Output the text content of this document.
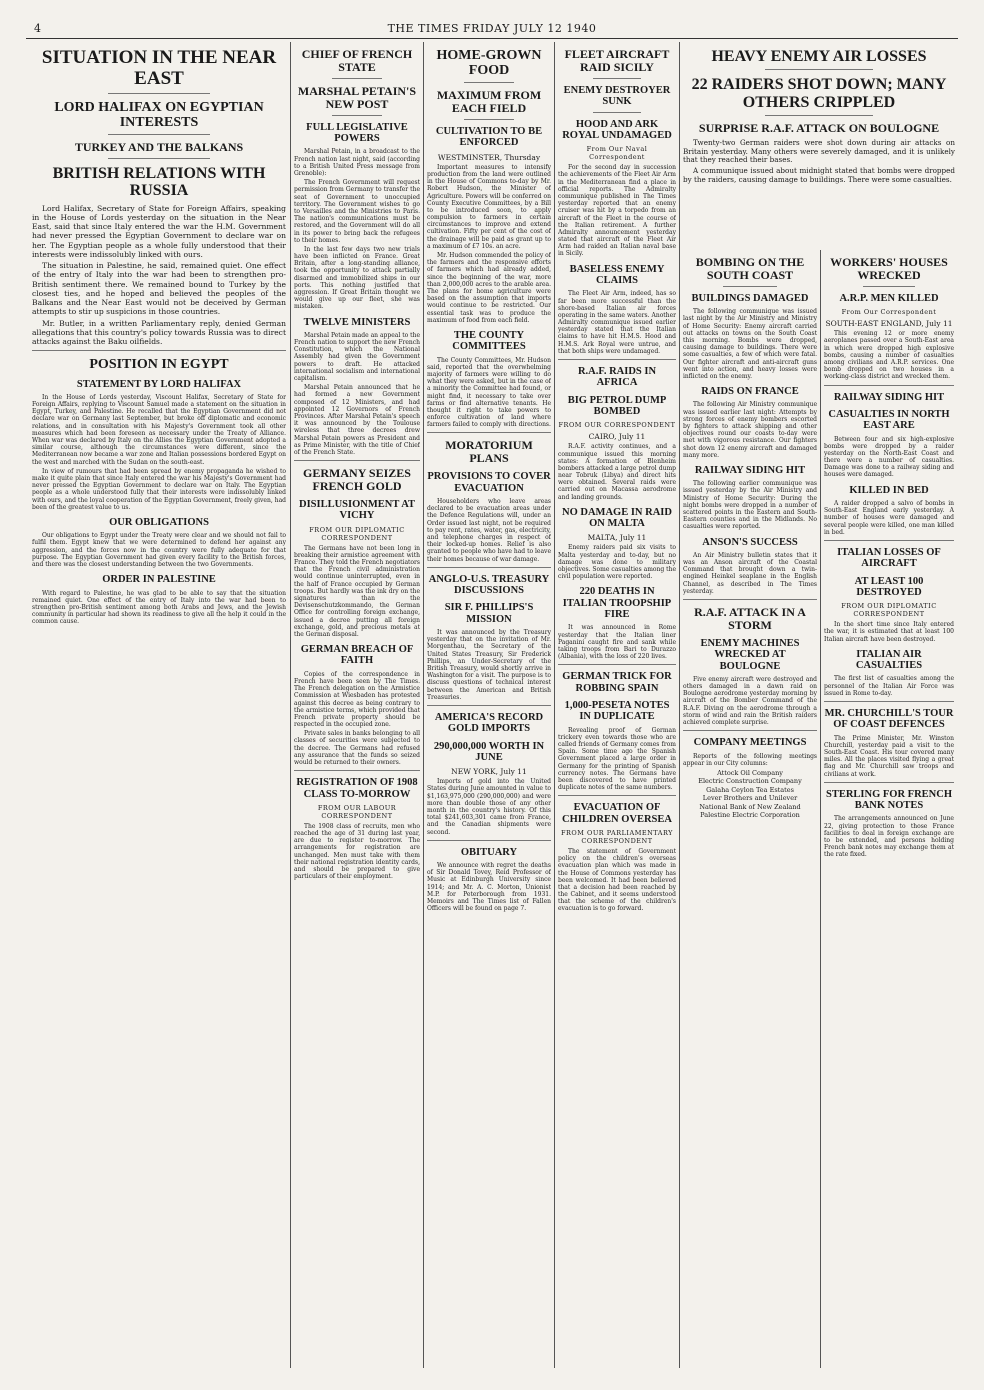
4	THE TIMES FRIDAY JULY 12 1940
SITUATION IN THE NEAR EAST
LORD HALIFAX ON EGYPTIAN INTERESTS
TURKEY AND THE BALKANS
BRITISH RELATIONS WITH RUSSIA

Lord Halifax, Secretary of State for Foreign Affairs, speaking in the House of Lords yesterday on the situation in the Near East, said that since Italy entered the war the H.M. Government had never pressed the Egyptian Government to declare war on her. The Egyptian people as a whole fully understood that their interests were indissolubly linked with ours.

The situation in Palestine, he said, remained quiet. One effect of the entry of Italy into the war had been to strengthen pro-British sentiment there. We remained bound to Turkey by the closest ties, and he hoped and believed the peoples of the Balkans and the Near East would not be deceived by German attempts to stir up suspicions in those countries.

Mr. Butler, in a written Parliamentary reply, denied German allegations that this country's policy towards Russia was to direct attacks against the Baku oilfields.

POSITION IN EGYPT
STATEMENT BY LORD HALIFAX

In the House of Lords yesterday, Viscount Halifax, Secretary of State for Foreign Affairs, replying to Viscount Samuel made a statement on the situation in Egypt, Turkey, and Palestine. He recalled that the Egyptian Government did not declare war on Germany last September, but broke off diplomatic and economic relations, and in consultation with his Majesty's Government took all other measures which had been foreseen as necessary under the Treaty of Alliance. When war was declared by Italy on the Allies the Egyptian Government adopted a similar course, although the circumstances were different, since the Mediterranean now became a war zone and Italian possessions bordered Egypt on the west and marched with the Sudan on the south-east.

In view of rumours that had been spread by enemy propaganda he wished to make it quite plain that since Italy entered the war his Majesty's Government had never pressed the Egyptian Government to declare war on Italy. The Egyptian people as a whole understood fully that their interests were indissolubly linked with ours, and the loyal cooperation of the Egyptian Government, freely given, had been of the greatest value to us.

OUR OBLIGATIONS

Our obligations to Egypt under the Treaty were clear and we should not fail to fulfil them. Egypt knew that we were determined to defend her against any aggression, and the forces now in the country were fully adequate for that purpose. The Egyptian Government had given every facility to the British forces, and there was the closest understanding between the two Governments.

ORDER IN PALESTINE

With regard to Palestine, he was glad to be able to say that the situation remained quiet. One effect of the entry of Italy into the war had been to strengthen pro-British sentiment among both Arabs and Jews, and the Jewish community in particular had shown its readiness to give all the help it could in the common cause.

CHIEF OF FRENCH STATE
MARSHAL PETAIN'S NEW POST
FULL LEGISLATIVE POWERS

Marshal Petain, in a broadcast to the French nation last night, said (according to a British United Press message from Grenoble):

The French Government will request permission from Germany to transfer the seat of Government to unoccupied territory. The Government wishes to go to Versailles and the Ministries to Paris. The nation's communications must be restored, and the Government will do all in its power to bring back the refugees to their homes.

In the last few days two new trials have been inflicted on France. Great Britain, after a long-standing alliance, took the opportunity to attack partially disarmed and immobilized ships in our ports. This nothing justified that aggression. If Great Britain thought we would give up our fleet, she was mistaken.

TWELVE MINISTERS

Marshal Petain made an appeal to the French nation to support the new French Constitution, which the National Assembly had given the Government powers to draft. He attacked international socialism and international capitalism.

Marshal Petain announced that he had formed a new Government composed of 12 Ministers, and had appointed 12 Governors of French Provinces. After Marshal Petain's speech it was announced by the Toulouse wireless that three decrees drew Marshal Petain powers as President and as Prime Minister, with the title of Chief of the French State.

GERMANY SEIZES FRENCH GOLD
DISILLUSIONMENT AT VICHY
FROM OUR DIPLOMATIC CORRESPONDENT

The Germans have not been long in breaking their armistice agreement with France. They told the French negotiators that the French civil administration would continue uninterrupted, even in the half of France occupied by German troops. But hardly was the ink dry on the signatures than the Devisenschutzkommando, the German Office for controlling foreign exchange, issued a decree putting all foreign exchange, gold, and precious metals at the German disposal.

GERMAN BREACH OF FAITH

Copies of the correspondence in French have been seen by The Times. The French delegation on the Armistice Commission at Wiesbaden has protested against this decree as being contrary to the armistice terms, which provided that French private property should be respected in the occupied zone.

Private sales in banks belonging to all classes of securities were subjected to the decree. The Germans had refused any assurance that the funds so seized would be returned to their owners.

REGISTRATION OF 1908 CLASS TO-MORROW
FROM OUR LABOUR CORRESPONDENT

The 1908 class of recruits, men who reached the age of 31 during last year, are due to register to-morrow. The arrangements for registration are unchanged. Men must take with them their national registration identity cards, and should be prepared to give particulars of their employment.

HOME-GROWN FOOD
MAXIMUM FROM EACH FIELD
CULTIVATION TO BE ENFORCED
WESTMINSTER, Thursday

Important measures to intensify production from the land were outlined in the House of Commons to-day by Mr. Robert Hudson, the Minister of Agriculture. Powers will be conferred on County Executive Committees, by a Bill to be introduced soon, to apply compulsion to farmers in certain circumstances to improve and extend cultivation. Fifty per cent of the cost of the drainage will be paid as grant up to a maximum of £7 10s. an acre.

Mr. Hudson commended the policy of the farmers and the responsive efforts of farmers which had already added, since the beginning of the war, more than 2,000,000 acres to the arable area. The plans for home agriculture were based on the assumption that imports would continue to be restricted. Our essential task was to produce the maximum of food from each field.

THE COUNTY COMMITTEES

The County Committees, Mr. Hudson said, reported that the overwhelming majority of farmers were willing to do what they were asked, but in the case of a minority the Committee had found, or might find, it necessary to take over farms or find alternative tenants. He thought it right to take powers to enforce cultivation of land where farmers failed to comply with directions.

MORATORIUM PLANS
PROVISIONS TO COVER EVACUATION

Householders who leave areas declared to be evacuation areas under the Defence Regulations will, under an Order issued last night, not be required to pay rent, rates, water, gas, electricity, and telephone charges in respect of their locked-up homes. Relief is also granted to people who have had to leave their homes because of war damage.

ANGLO-U.S. TREASURY DISCUSSIONS
SIR F. PHILLIPS'S MISSION

It was announced by the Treasury yesterday that on the invitation of Mr. Morgenthau, the Secretary of the United States Treasury, Sir Frederick Phillips, an Under-Secretary of the British Treasury, would shortly arrive in Washington for a visit. The purpose is to discuss questions of technical interest between the American and British Treasuries.

AMERICA'S RECORD GOLD IMPORTS
290,000,000 WORTH IN JUNE
NEW YORK, July 11

Imports of gold into the United States during June amounted in value to $1,163,975,000 (290,000,000) and were more than double those of any other month in the country's history. Of this total $241,603,301 came from France, and the Canadian shipments were second.

OBITUARY

We announce with regret the deaths of Sir Donald Tovey, Reid Professor of Music at Edinburgh University since 1914; and Mr. A. C. Morton, Unionist M.P. for Peterborough from 1931. Memoirs and The Times list of Fallen Officers will be found on page 7.

FLEET AIRCRAFT RAID SICILY
ENEMY DESTROYER SUNK
HOOD AND ARK ROYAL UNDAMAGED
From Our Naval Correspondent

For the second day in succession the achievements of the Fleet Air Arm in the Mediterranean find a place in official reports. The Admiralty communique published in The Times yesterday reported that an enemy cruiser was hit by a torpedo from an aircraft of the Fleet in the course of the Italian retirement. A further Admiralty announcement yesterday stated that aircraft of the Fleet Air Arm had raided an Italian naval base in Sicily.

BASELESS ENEMY CLAIMS

The Fleet Air Arm, indeed, has so far been more successful than the shore-based Italian air forces operating in the same waters. Another Admiralty communique issued earlier yesterday stated that the Italian claims to have hit H.M.S. Hood and H.M.S. Ark Royal were untrue, and that both ships were undamaged.

R.A.F. RAIDS IN AFRICA
BIG PETROL DUMP BOMBED
FROM OUR CORRESPONDENT
CAIRO, July 11

R.A.F. activity continues, and a communique issued this morning states: A formation of Blenheim bombers attacked a large petrol dump near Tobruk (Libya) and direct hits were obtained. Several raids were carried out on Macassa aerodrome and landing grounds.

NO DAMAGE IN RAID ON MALTA
MALTA, July 11

Enemy raiders paid six visits to Malta yesterday and to-day, but no damage was done to military objectives. Some casualties among the civil population were reported.

220 DEATHS IN ITALIAN TROOPSHIP FIRE

It was announced in Rome yesterday that the Italian liner Paganini caught fire and sank while taking troops from Bari to Durazzo (Albania), with the loss of 220 lives.

GERMAN TRICK FOR ROBBING SPAIN
1,000-PESETA NOTES IN DUPLICATE

Revealing proof of German trickery even towards those who are called friends of Germany comes from Spain. Some time ago the Spanish Government placed a large order in Germany for the printing of Spanish currency notes. The Germans have been discovered to have printed duplicate notes of the same numbers.

EVACUATION OF CHILDREN OVERSEA
FROM OUR PARLIAMENTARY CORRESPONDENT

The statement of Government policy on the children's overseas evacuation plan which was made in the House of Commons yesterday has been welcomed. It had been believed that a decision had been reached by the Cabinet, and it seems understood that the scheme of the children's evacuation is to go forward.

HEAVY ENEMY AIR LOSSES
22 RAIDERS SHOT DOWN; MANY OTHERS CRIPPLED
SURPRISE R.A.F. ATTACK ON BOULOGNE

Twenty-two German raiders were shot down during air attacks on Britain yesterday. Many others were severely damaged, and it is unlikely that they reached their bases.

A communique issued about midnight stated that bombs were dropped by the raiders, causing damage to buildings. There were some casualties.

BOMBING ON THE SOUTH COAST
BUILDINGS DAMAGED

The following communique was issued last night by the Air Ministry and Ministry of Home Security: Enemy aircraft carried out attacks on towns on the South Coast this morning. Bombs were dropped, causing damage to buildings. There were some casualties, a few of which were fatal. Our fighter aircraft and anti-aircraft guns went into action, and heavy losses were inflicted on the enemy.

RAIDS ON FRANCE

The following Air Ministry communique was issued earlier last night: Attempts by strong forces of enemy bombers escorted by fighters to attack shipping and other objectives round our coasts to-day were met with vigorous resistance. Our fighters shot down 12 enemy aircraft and damaged many more.

RAILWAY SIDING HIT

The following earlier communique was issued yesterday by the Air Ministry and Ministry of Home Security: During the night bombs were dropped in a number of scattered points in the Eastern and South-Eastern counties and in the Midlands. No casualties were reported.

ANSON'S SUCCESS

An Air Ministry bulletin states that it was an Anson aircraft of the Coastal Command that brought down a twin-engined Heinkel seaplane in the English Channel, as described in The Times yesterday.

R.A.F. ATTACK IN A STORM
ENEMY MACHINES WRECKED AT BOULOGNE

Five enemy aircraft were destroyed and others damaged in a dawn raid on Boulogne aerodrome yesterday morning by aircraft of the Bomber Command of the R.A.F. Diving on the aerodrome through a storm of wind and rain the British raiders achieved complete surprise.

COMPANY MEETINGS

Reports of the following meetings appear in our City columns:

Attock Oil Company
Electric Construction Company
Galaha Ceylon Tea Estates
Lever Brothers and Unilever
National Bank of New Zealand
Palestine Electric Corporation
WORKERS' HOUSES WRECKED
A.R.P. MEN KILLED
From Our Correspondent
SOUTH-EAST ENGLAND, July 11

This evening 12 or more enemy aeroplanes passed over a South-East area in which were dropped high explosive bombs, causing a number of casualties among civilians and A.R.P. services. One bomb dropped on two houses in a working-class district and wrecked them.

RAILWAY SIDING HIT
CASUALTIES IN NORTH EAST ARE

Between four and six high-explosive bombs were dropped by a raider yesterday on the North-East Coast and there were a number of casualties. Damage was done to a railway siding and houses were damaged.

KILLED IN BED

A raider dropped a salvo of bombs in South-East England early yesterday. A number of houses were damaged and several people were killed, one man killed in bed.

ITALIAN LOSSES OF AIRCRAFT
AT LEAST 100 DESTROYED
FROM OUR DIPLOMATIC CORRESPONDENT

In the short time since Italy entered the war, it is estimated that at least 100 Italian aircraft have been destroyed.

ITALIAN AIR CASUALTIES

The first list of casualties among the personnel of the Italian Air Force was issued in Rome to-day.

MR. CHURCHILL'S TOUR OF COAST DEFENCES

The Prime Minister, Mr. Winston Churchill, yesterday paid a visit to the South-East Coast. His tour covered many miles. All the places visited flying a great flag and Mr. Churchill saw troops and civilians at work.

STERLING FOR FRENCH BANK NOTES

The arrangements announced on June 22, giving protection to those France facilities to deal in foreign exchange are to be extended, and persons holding French bank notes may exchange them at the rate fixed.
